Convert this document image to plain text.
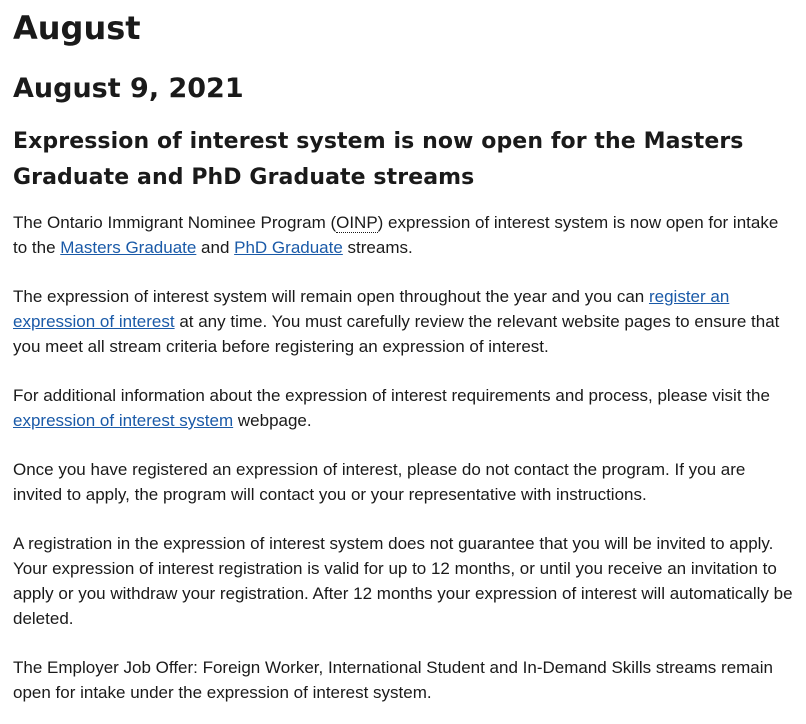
August
August 9, 2021
Expression of interest system is now open for the Masters Graduate and PhD Graduate streams

The Ontario Immigrant Nominee Program (OINP) expression of interest system is now open for intake to the Masters Graduate and PhD Graduate streams.

The expression of interest system will remain open throughout the year and you can register an expression of interest at any time. You must carefully review the relevant website pages to ensure that you meet all stream criteria before registering an expression of interest.

For additional information about the expression of interest requirements and process, please visit the expression of interest system webpage.

Once you have registered an expression of interest, please do not contact the program. If you are invited to apply, the program will contact you or your representative with instructions.

A registration in the expression of interest system does not guarantee that you will be invited to apply. Your expression of interest registration is valid for up to 12 months, or until you receive an invitation to apply or you withdraw your registration. After 12 months your expression of interest will automatically be deleted.

The Employer Job Offer: Foreign Worker, International Student and In-Demand Skills streams remain open for intake under the expression of interest system.
